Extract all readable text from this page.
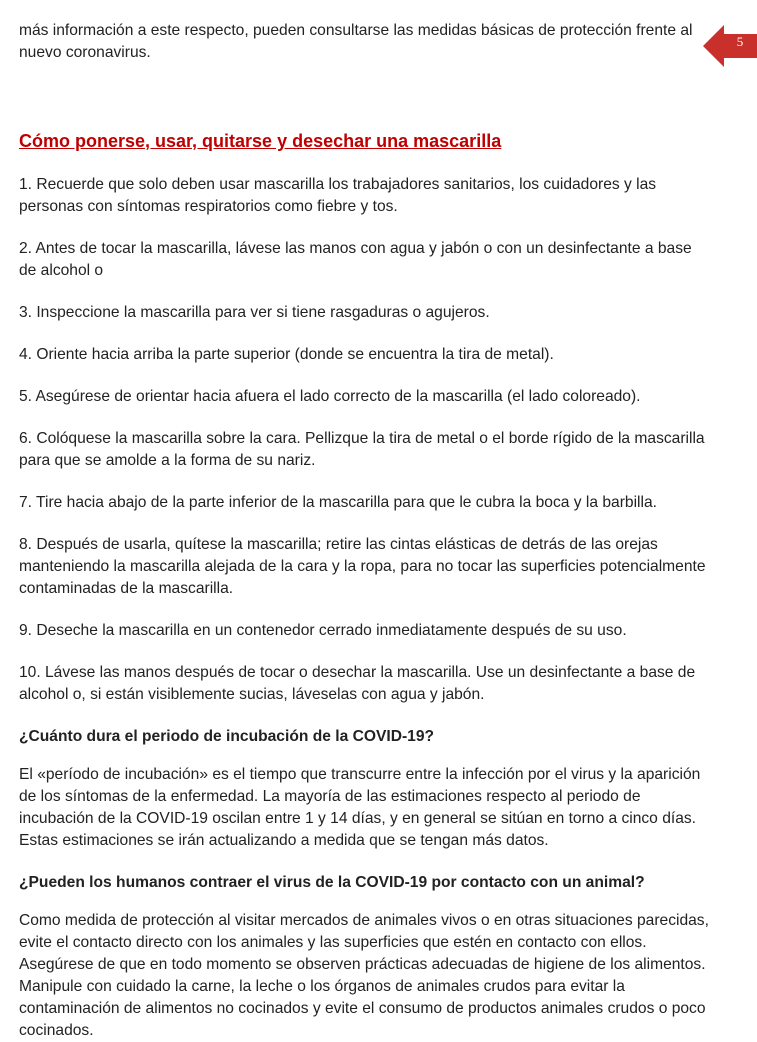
5

más información a este respecto, pueden consultarse las medidas básicas de protección frente al nuevo coronavirus.

Cómo ponerse, usar, quitarse y desechar una mascarilla

1. Recuerde que solo deben usar mascarilla los trabajadores sanitarios, los cuidadores y las personas con síntomas respiratorios como fiebre y tos.

2. Antes de tocar la mascarilla, lávese las manos con agua y jabón o con un desinfectante a base de alcohol o

3. Inspeccione la mascarilla para ver si tiene rasgaduras o agujeros.

4. Oriente hacia arriba la parte superior (donde se encuentra la tira de metal).

5. Asegúrese de orientar hacia afuera el lado correcto de la mascarilla (el lado coloreado).

6. Colóquese la mascarilla sobre la cara. Pellizque la tira de metal o el borde rígido de la mascarilla para que se amolde a la forma de su nariz.

7. Tire hacia abajo de la parte inferior de la mascarilla para que le cubra la boca y la barbilla.

8. Después de usarla, quítese la mascarilla; retire las cintas elásticas de detrás de las orejas manteniendo la mascarilla alejada de la cara y la ropa, para no tocar las superficies potencialmente contaminadas de la mascarilla.

9. Deseche la mascarilla en un contenedor cerrado inmediatamente después de su uso.

10. Lávese las manos después de tocar o desechar la mascarilla. Use un desinfectante a base de alcohol o, si están visiblemente sucias, láveselas con agua y jabón.

¿Cuánto dura el periodo de incubación de la COVID-19?

El «período de incubación» es el tiempo que transcurre entre la infección por el virus y la aparición de los síntomas de la enfermedad. La mayoría de las estimaciones respecto al periodo de incubación de la COVID-19 oscilan entre 1 y 14 días, y en general se sitúan en torno a cinco días. Estas estimaciones se irán actualizando a medida que se tengan más datos.

¿Pueden los humanos contraer el virus de la COVID-19 por contacto con un animal?

Como medida de protección al visitar mercados de animales vivos o en otras situaciones parecidas, evite el contacto directo con los animales y las superficies que estén en contacto con ellos. Asegúrese de que en todo momento se observen prácticas adecuadas de higiene de los alimentos. Manipule con cuidado la carne, la leche o los órganos de animales crudos para evitar la contaminación de alimentos no cocinados y evite el consumo de productos animales crudos o poco cocinados.
